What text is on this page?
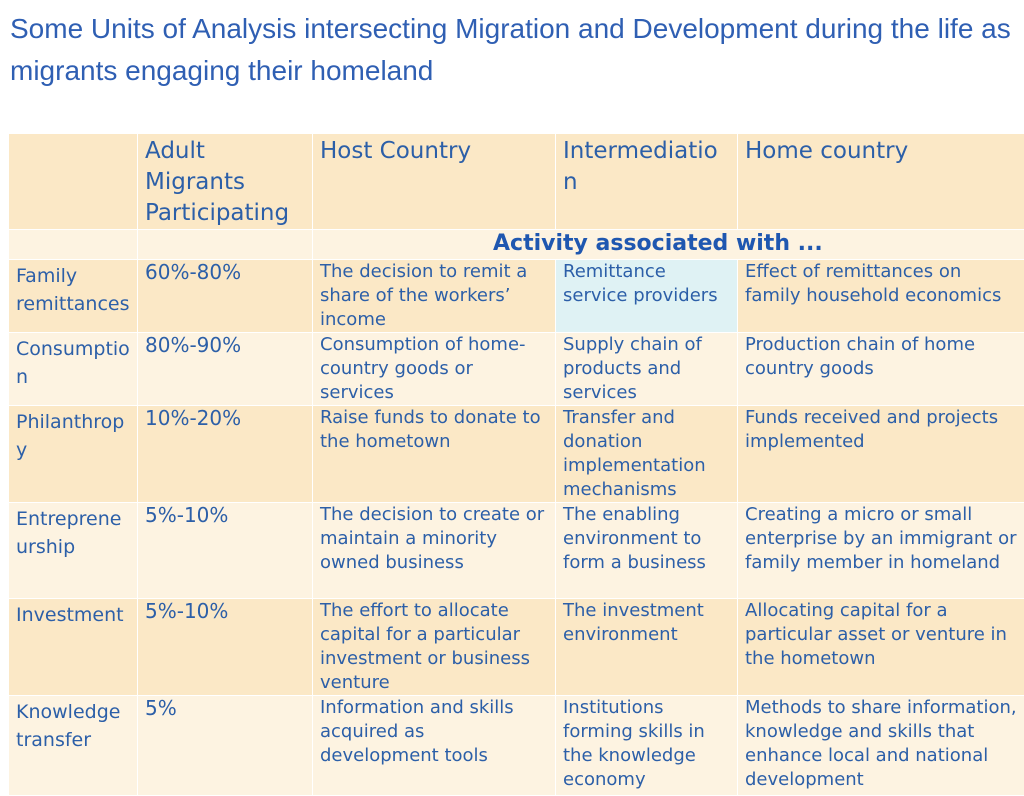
Some Units of Analysis intersecting Migration and Development during the life as migrants engaging their homeland
	Adult Migrants Participating	Host Country	Intermediation	Home country
		Activity associated with ...		
Family remittances	60%-80%	The decision to remit a share of the workers’ income	Remittance service providers	Effect of remittances on family household economics
Consumption	80%-90%	Consumption of home-country goods or services	Supply chain of products and services	Production chain of home country goods
Philanthropy	10%-20%	Raise funds to donate to the hometown	Transfer and donation implementation mechanisms	Funds received and projects implemented
Entrepreneurship	5%-10%	The decision to create or maintain a minority owned business	The enabling environment to form a business	Creating a micro or small enterprise by an immigrant or family member in homeland
Investment	5%-10%	The effort to allocate capital for a particular investment or business venture	The investment environment	Allocating capital for a particular asset or venture in the hometown
Knowledge transfer	5%	Information and skills acquired as development tools	Institutions forming skills in the knowledge economy	Methods to share information, knowledge and skills that enhance local and national development
